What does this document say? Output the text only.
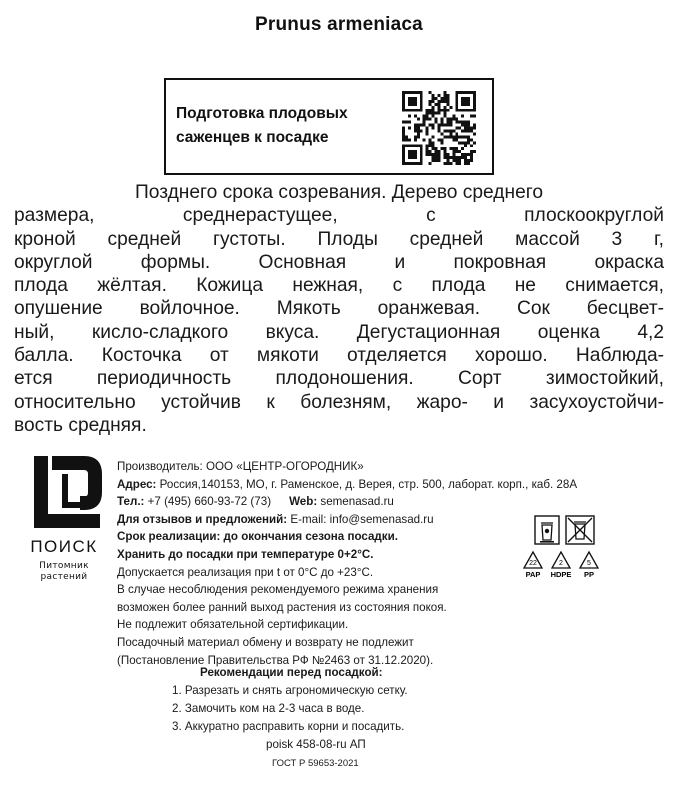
Prunus armeniaca
Подготовка плодовых
саженцев к посадке
Позднего срока созревания. Дерево среднего
размера, среднерастущее, с плоскоокруглой
кроной средней густоты. Плоды средней массой 3 г,
округлой формы. Основная и покровная окраска
плода жёлтая. Кожица нежная, с плода не снимается,
опушение войлочное. Мякоть оранжевая. Сок бесцвет-
ный, кисло-сладкого вкуса. Дегустационная оценка 4,2
балла. Косточка от мякоти отделяется хорошо. Наблюда-
ется периодичность плодоношения. Сорт зимостойкий,
относительно устойчив к болезням, жаро- и засухоустойчи-
вость средняя.
ПОИСК
Питомник
растений
Производитель: ООО «ЦЕНТР-ОГОРОДНИК»
Адрес: Россия,140153, МО, г. Раменское, д. Верея, стр. 500, лаборат. корп., каб. 28А
Тел.: +7 (495) 660-93-72 (73) Web: semenasad.ru
Для отзывов и предложений: E-mail: info@semenasad.ru
Срок реализации: до окончания сезона посадки.
Хранить до посадки при температуре 0+2°С.
Допускается реализация при t от 0°С до +23°С.
В случае несоблюдения рекомендуемого режима хранения
возможен более ранний выход растения из состояния покоя.
Не подлежит обязательной сертификации.
Посадочный материал обмену и возврату не подлежит
(Постановление Правительства РФ №2463 от 31.12.2020).
22
PAP
2
HDPE
5
PP
Рекомендации перед посадкой:
1. Разрезать и снять агрономическую сетку.
2. Замочить ком на 2-3 часа в воде.
3. Аккуратно расправить корни и посадить.
poisk 458-08-ru АП
ГОСТ Р 59653-2021
